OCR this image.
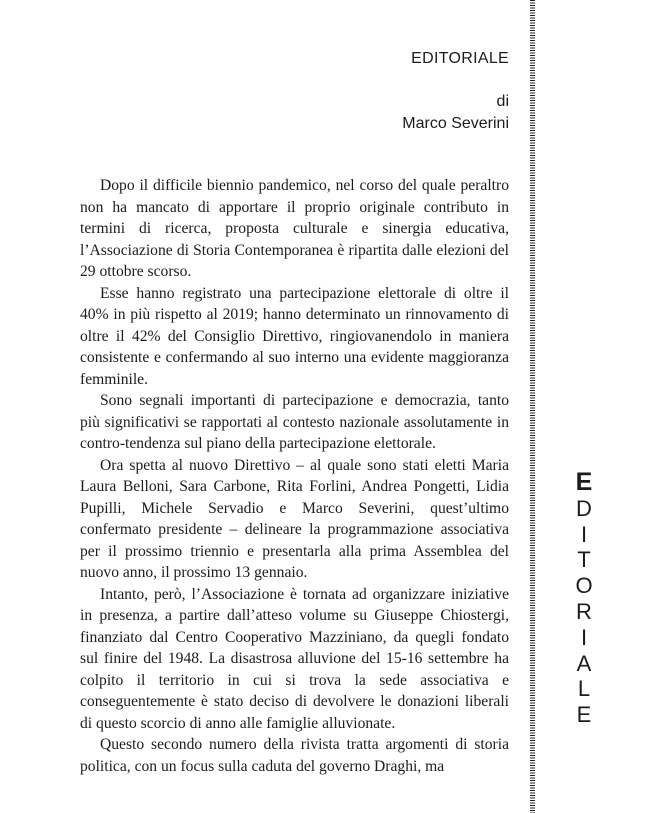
EDITORIALE
di
Marco Severini

Dopo il difficile biennio pandemico, nel corso del quale peraltro non ha mancato di apportare il proprio originale contributo in termini di ricerca, proposta culturale e sinergia educativa, l’Associazione di Storia Contemporanea è ripartita dalle elezioni del 29 ottobre scorso.

Esse hanno registrato una partecipazione elettorale di oltre il 40% in più rispetto al 2019; hanno determinato un rinnovamento di oltre il 42% del Consiglio Direttivo, ringiovanendolo in maniera consistente e confermando al suo interno una evidente maggioranza femminile.

Sono segnali importanti di partecipazione e democrazia, tanto più significativi se rapportati al contesto nazionale assolutamente in contro-tendenza sul piano della partecipazione elettorale.

Ora spetta al nuovo Direttivo – al quale sono stati eletti Maria Laura Belloni, Sara Carbone, Rita Forlini, Andrea Pongetti, Lidia Pupilli, Michele Servadio e Marco Severini, quest’ultimo confermato presidente – delineare la programmazione associativa per il prossimo triennio e presentarla alla prima Assemblea del nuovo anno, il prossimo 13 gennaio.

Intanto, però, l’Associazione è tornata ad organizzare iniziative in presenza, a partire dall’atteso volume su Giuseppe Chiostergi, finanziato dal Centro Cooperativo Mazziniano, da quegli fondato sul finire del 1948. La disastrosa alluvione del 15-16 settembre ha colpito il territorio in cui si trova la sede associativa e conseguentemente è stato deciso di devolvere le donazioni liberali di questo scorcio di anno alle famiglie alluvionate.

Questo secondo numero della rivista tratta argomenti di storia politica, con un focus sulla caduta del governo Draghi, ma

E
D
I
T
O
R
I
A
L
E
